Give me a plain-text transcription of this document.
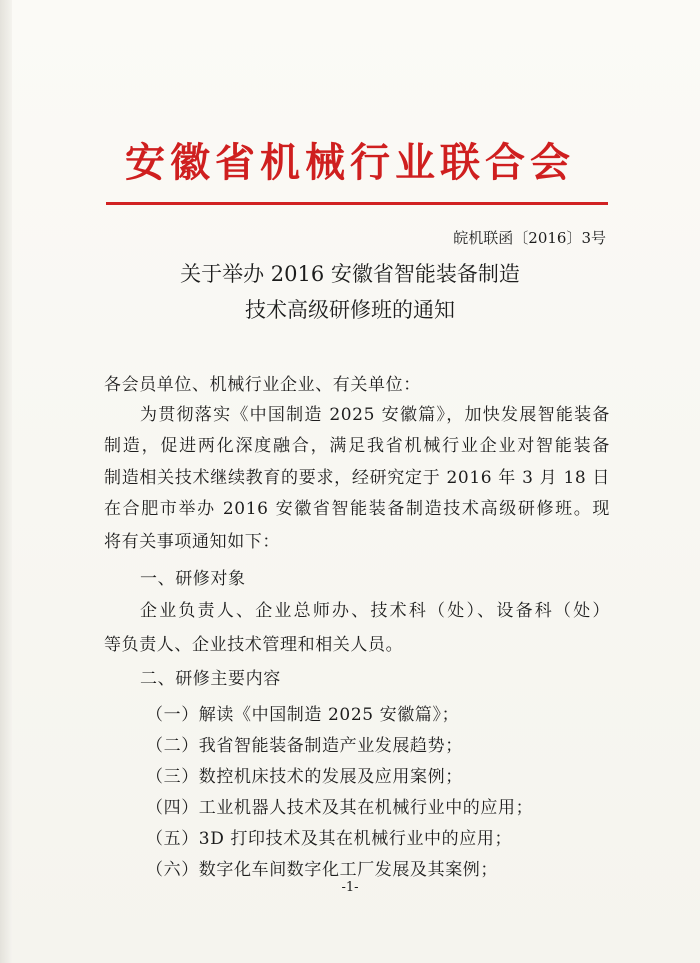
安徽省机械行业联合会
皖机联函〔2016〕3号
关于举办 2016 安徽省智能装备制造
技术高级研修班的通知
各会员单位、机械行业企业、有关单位：
为贯彻落实《中国制造 2025 安徽篇》，加快发展智能装备
制造，促进两化深度融合，满足我省机械行业企业对智能装备
制造相关技术继续教育的要求，经研究定于 2016 年 3 月 18 日
在合肥市举办 2016 安徽省智能装备制造技术高级研修班。现
将有关事项通知如下：
一、研修对象
企业负责人、企业总师办、技术科（处）、设备科（处）
等负责人、企业技术管理和相关人员。
二、研修主要内容
（一）解读《中国制造 2025 安徽篇》；
（二）我省智能装备制造产业发展趋势；
（三）数控机床技术的发展及应用案例；
（四）工业机器人技术及其在机械行业中的应用；
（五）3D 打印技术及其在机械行业中的应用；
（六）数字化车间数字化工厂发展及其案例；
-1-
